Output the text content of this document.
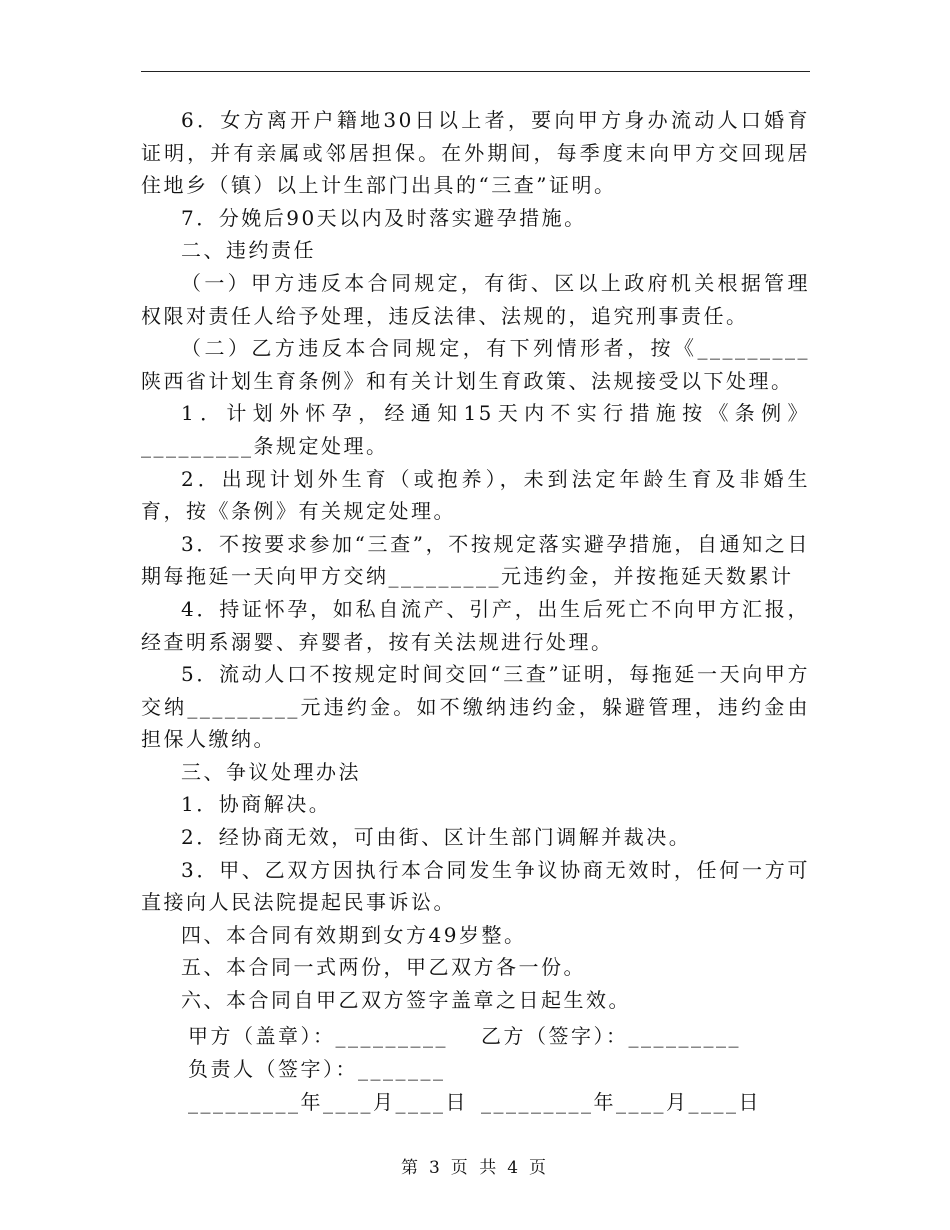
6．女方离开户籍地30日以上者，要向甲方身办流动人口婚育证明，并有亲属或邻居担保。在外期间，每季度末向甲方交回现居住地乡（镇）以上计生部门出具的“三查”证明。

7．分娩后90天以内及时落实避孕措施。

二、违约责任

（一）甲方违反本合同规定，有街、区以上政府机关根据管理权限对责任人给予处理，违反法律、法规的，追究刑事责任。

（二）乙方违反本合同规定，有下列情形者，按《_________陕西省计划生育条例》和有关计划生育政策、法规接受以下处理。

1．计划外怀孕，经通知15天内不实行措施按《条例》_________条规定处理。

2．出现计划外生育（或抱养），未到法定年龄生育及非婚生育，按《条例》有关规定处理。

3．不按要求参加“三查”，不按规定落实避孕措施，自通知之日期每拖延一天向甲方交纳_________元违约金，并按拖延天数累计

4．持证怀孕，如私自流产、引产，出生后死亡不向甲方汇报，经查明系溺婴、弃婴者，按有关法规进行处理。

5．流动人口不按规定时间交回“三查”证明，每拖延一天向甲方交纳_________元违约金。如不缴纳违约金，躲避管理，违约金由担保人缴纳。

三、争议处理办法

1．协商解决。

2．经协商无效，可由街、区计生部门调解并裁决。

3．甲、乙双方因执行本合同发生争议协商无效时，任何一方可直接向人民法院提起民事诉讼。

四、本合同有效期到女方49岁整。

五、本合同一式两份，甲乙双方各一份。

六、本合同自甲乙双方签字盖章之日起生效。

甲方（盖章）：_________ 乙方（签字）：_________
负责人（签字）：_______
_________年____月____日 _________年____月____日
第 3 页 共 4 页
